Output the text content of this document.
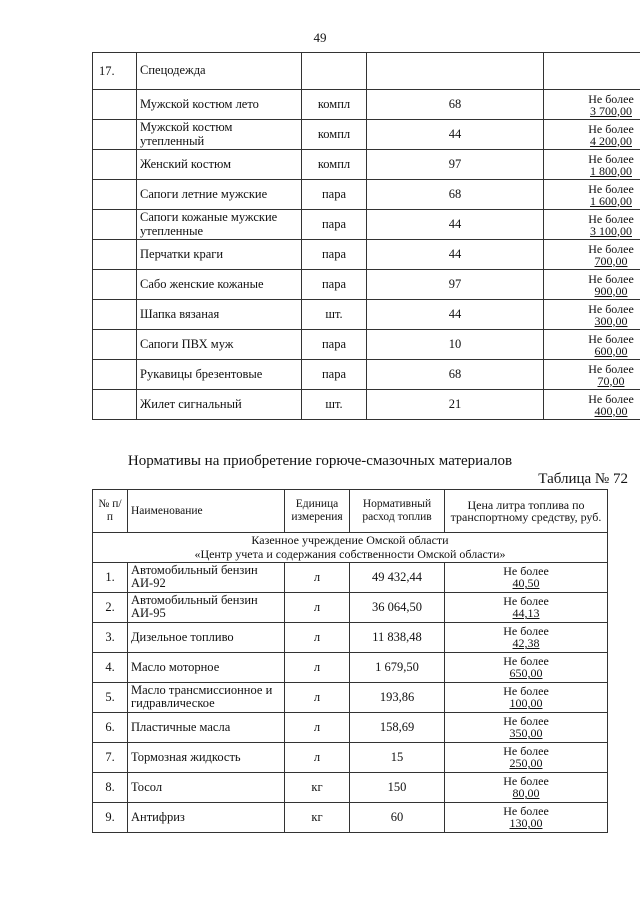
49
17.	Спецодежда			
	Мужской костюм лето	компл	68	Не более
3 700,00

	Мужской костюм утепленный	компл	44	Не более
4 200,00

	Женский костюм	компл	97	Не более
1 800,00

	Сапоги летние мужские	пара	68	Не более
1 600,00

	Сапоги кожаные мужские утепленные	пара	44	Не более
3 100,00

	Перчатки краги	пара	44	Не более
700,00

	Сабо женские кожаные	пара	97	Не более
900,00

	Шапка вязаная	шт.	44	Не более
300,00

	Сапоги ПВХ муж	пара	10	Не более
600,00

	Рукавицы брезентовые	пара	68	Не более
70,00

	Жилет сигнальный	шт.	21	Не более
400,00
Нормативы на приобретение горюче-смазочных материалов
Таблица № 72
№ п/п	Наименование	Единица измерения	Нормативный расход топлив	Цена литра топлива по транспортному средству, руб.

Казенное учреждение Омской области
«Центр учета и содержания собственности Омской области»				

1.	Автомобильный бензин АИ-92	л	49 432,44	Не более
40,50

2.	Автомобильный бензин АИ-95	л	36 064,50	Не более
44,13

3.	Дизельное топливо	л	11 838,48	Не более
42,38

4.	Масло моторное	л	1 679,50	Не более
650,00

5.	Масло трансмиссионное и гидравлическое	л	193,86	Не более
100,00

6.	Пластичные масла	л	158,69	Не более
350,00

7.	Тормозная жидкость	л	15	Не более
250,00

8.	Тосол	кг	150	Не более
80,00

9.	Антифриз	кг	60	Не более
130,00
